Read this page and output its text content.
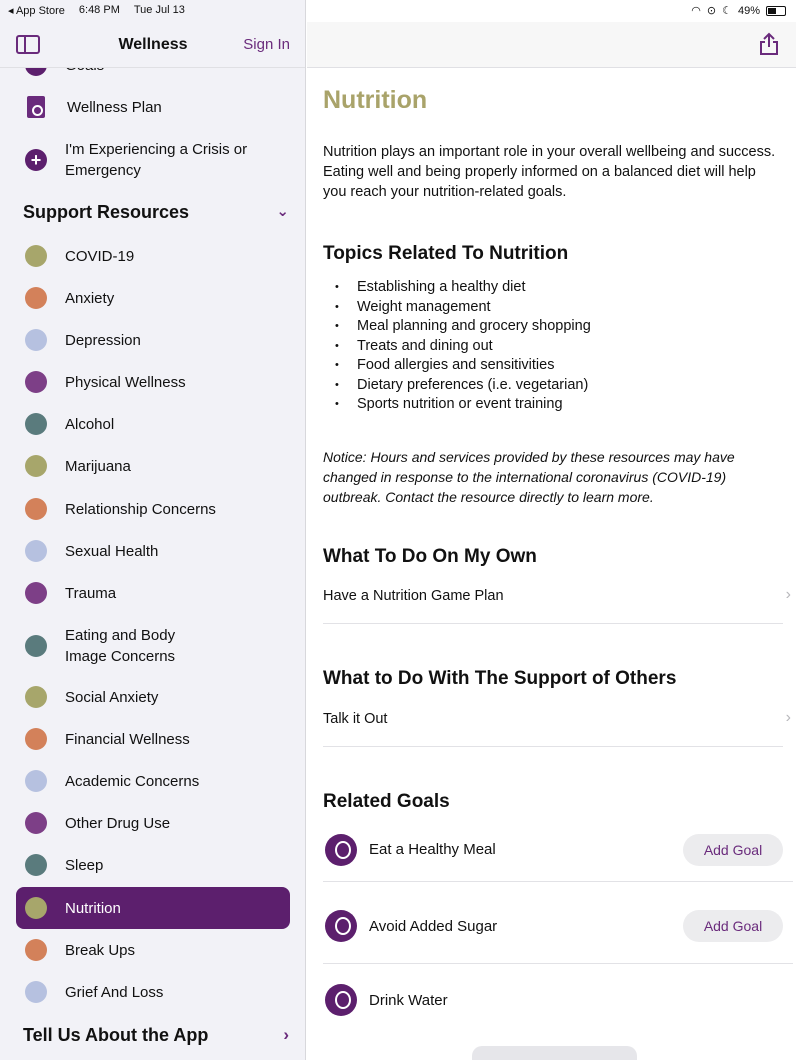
Wellness	Sign In
Wellness Plan
+
I'm Experiencing a Crisis or Emergency
Support Resources	⌄
COVID-19
Anxiety
Depression
Physical Wellness
Alcohol
Marijuana
Relationship Concerns
Sexual Health
Trauma
Eating and Body Image Concerns
Social Anxiety
Financial Wellness
Academic Concerns
Other Drug Use
Sleep
Nutrition
Break Ups
Grief And Loss
Tell Us About the App	›
◂ App Store 6:48 PM Tue Jul 13	◠ ⊙ ☾ 49%
Nutrition
Nutrition plays an important role in your overall wellbeing and success. Eating well and being properly informed on a balanced diet will help you reach your nutrition-related goals.
Topics Related To Nutrition
• Establishing a healthy diet
• Weight management
• Meal planning and grocery shopping
• Treats and dining out
• Food allergies and sensitivities
• Dietary preferences (i.e. vegetarian)
• Sports nutrition or event training
Notice: Hours and services provided by these resources may have changed in response to the international coronavirus (COVID-19) outbreak. Contact the resource directly to learn more.
What To Do On My Own
Have a Nutrition Game Plan	›
What to Do With The Support of Others
Talk it Out	›
Related Goals
Eat a Healthy Meal	Add Goal
Avoid Added Sugar	Add Goal
Drink Water
